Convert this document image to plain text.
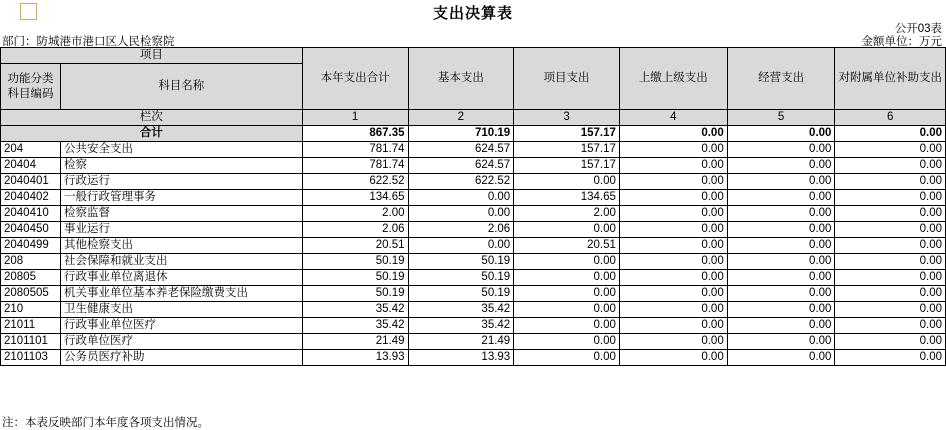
支出决算表
公开03表
金额单位：万元
部门：防城港市港口区人民检察院
项目		本年支出合计	基本支出	项目支出	上缴上级支出	经营支出	对附属单位补助支出
功能分类
科目编码	科目名称						
栏次		1	2	3	4	5	6
合计		867.35	710.19	157.17	0.00	0.00	0.00
204	公共安全支出	781.74	624.57	157.17	0.00	0.00	0.00
20404	检察	781.74	624.57	157.17	0.00	0.00	0.00
2040401	行政运行	622.52	622.52	0.00	0.00	0.00	0.00
2040402	一般行政管理事务	134.65	0.00	134.65	0.00	0.00	0.00
2040410	检察监督	2.00	0.00	2.00	0.00	0.00	0.00
2040450	事业运行	2.06	2.06	0.00	0.00	0.00	0.00
2040499	其他检察支出	20.51	0.00	20.51	0.00	0.00	0.00
208	社会保障和就业支出	50.19	50.19	0.00	0.00	0.00	0.00
20805	行政事业单位离退休	50.19	50.19	0.00	0.00	0.00	0.00
2080505	机关事业单位基本养老保险缴费支出	50.19	50.19	0.00	0.00	0.00	0.00
210	卫生健康支出	35.42	35.42	0.00	0.00	0.00	0.00
21011	行政事业单位医疗	35.42	35.42	0.00	0.00	0.00	0.00
2101101	行政单位医疗	21.49	21.49	0.00	0.00	0.00	0.00
2101103	公务员医疗补助	13.93	13.93	0.00	0.00	0.00	0.00
注：本表反映部门本年度各项支出情况。
